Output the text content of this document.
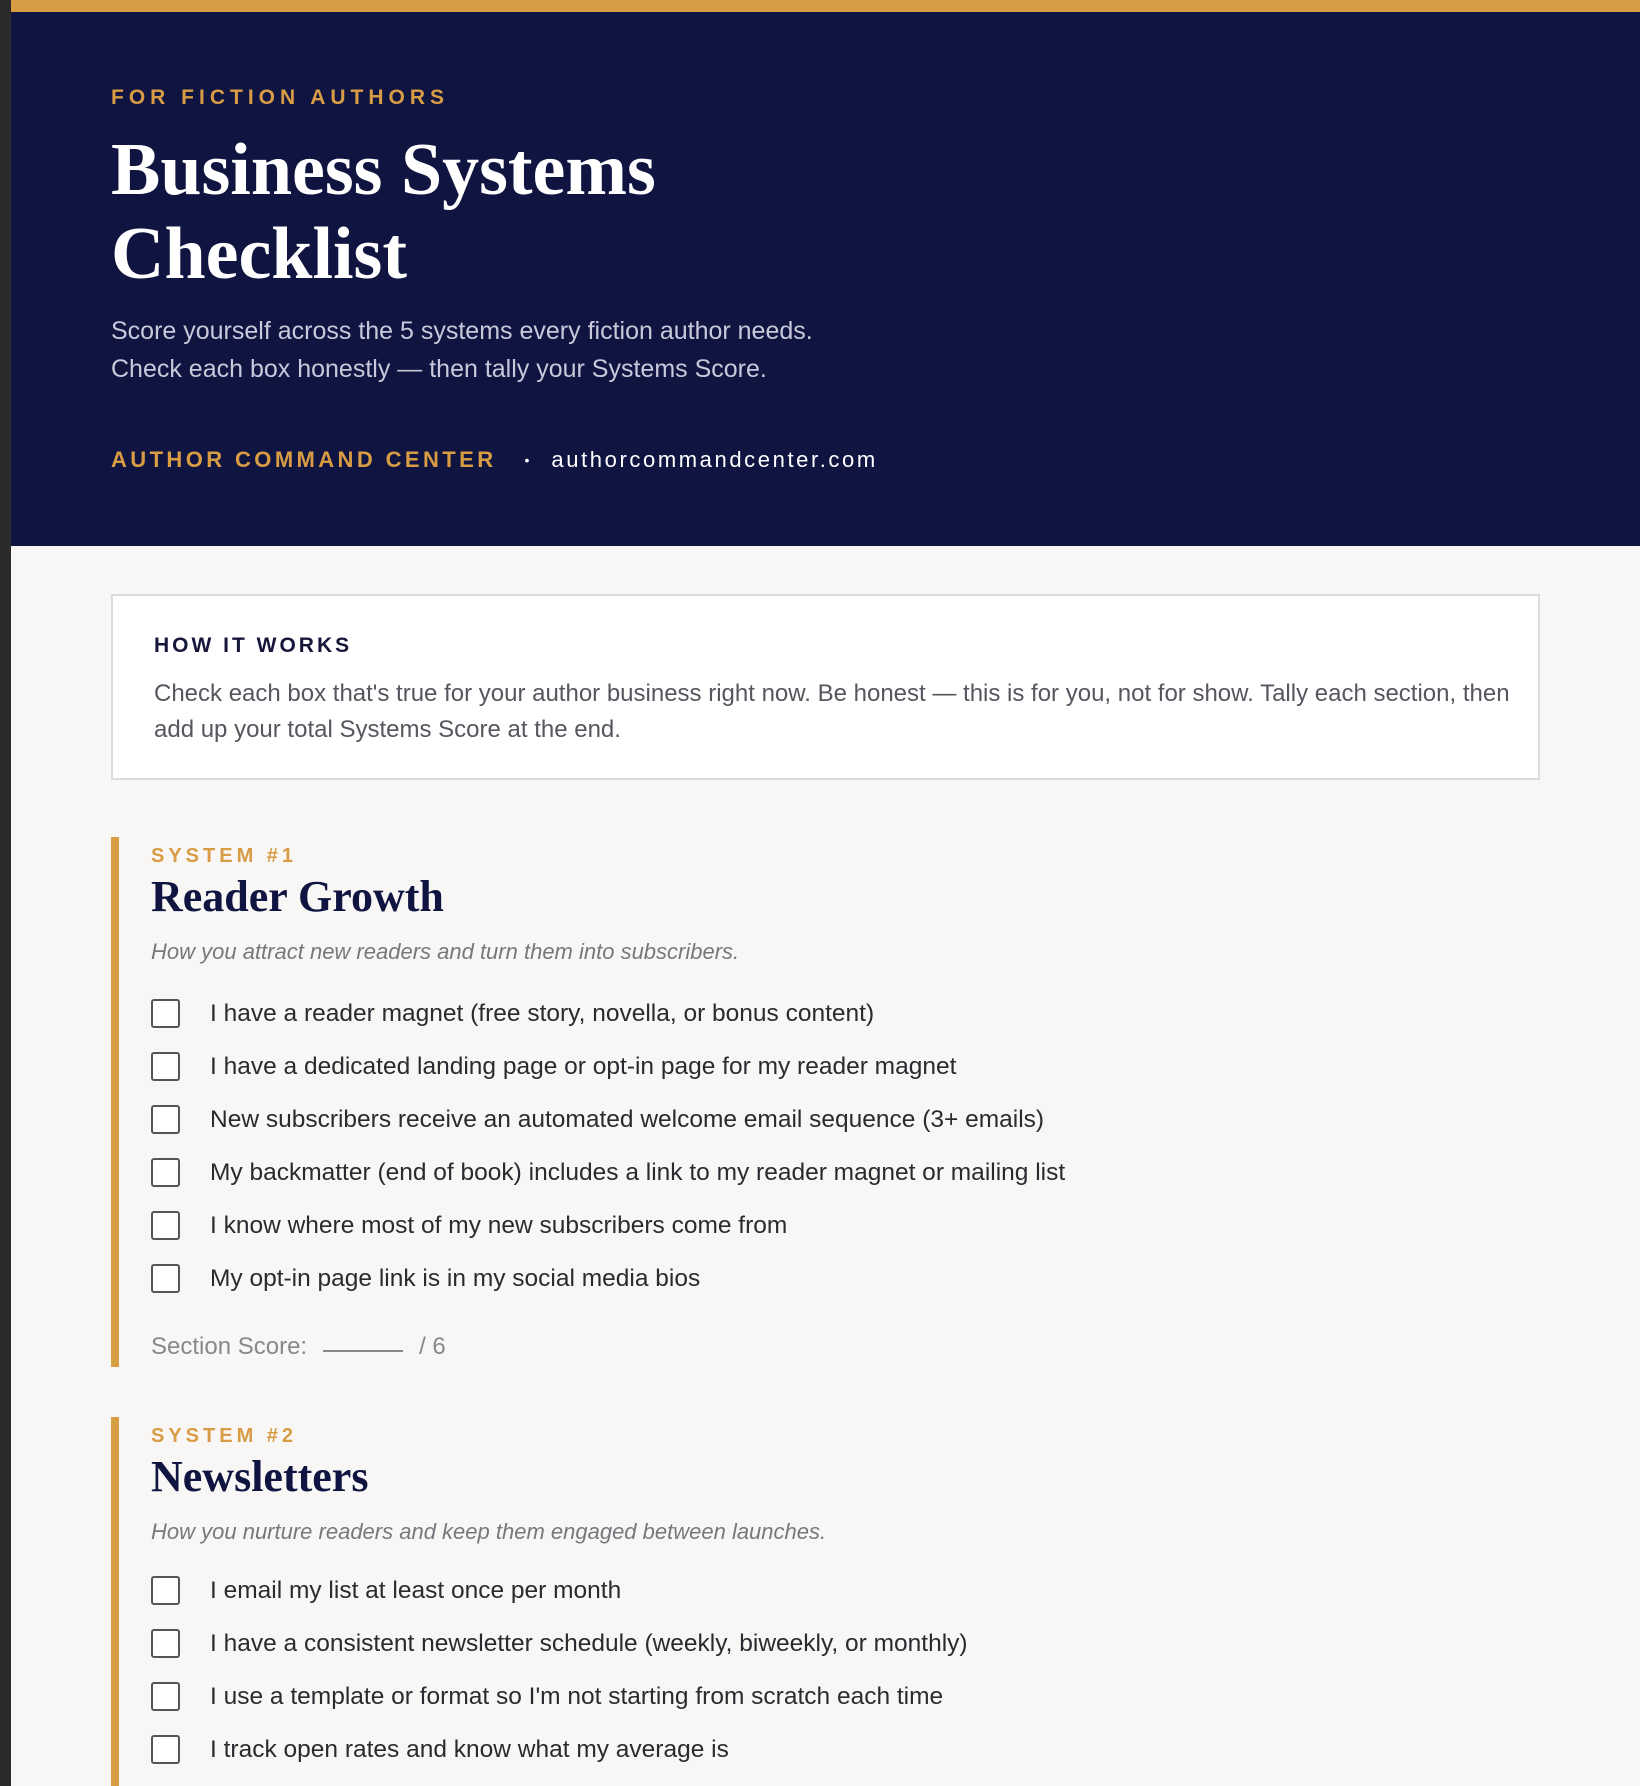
FOR FICTION AUTHORS
Business Systems Checklist
Score yourself across the 5 systems every fiction author needs.
Check each box honestly — then tally your Systems Score.
AUTHOR COMMAND CENTER • authorcommandcenter.com
HOW IT WORKS
Check each box that's true for your author business right now. Be honest — this is for you, not for show. Tally each section, then add up your total Systems Score at the end.
SYSTEM #1
Reader Growth
How you attract new readers and turn them into subscribers.
I have a reader magnet (free story, novella, or bonus content)
I have a dedicated landing page or opt-in page for my reader magnet
New subscribers receive an automated welcome email sequence (3+ emails)
My backmatter (end of book) includes a link to my reader magnet or mailing list
I know where most of my new subscribers come from
My opt-in page link is in my social media bios
Section Score:	/ 6
SYSTEM #2
Newsletters
How you nurture readers and keep them engaged between launches.
I email my list at least once per month
I have a consistent newsletter schedule (weekly, biweekly, or monthly)
I use a template or format so I'm not starting from scratch each time
I track open rates and know what my average is
